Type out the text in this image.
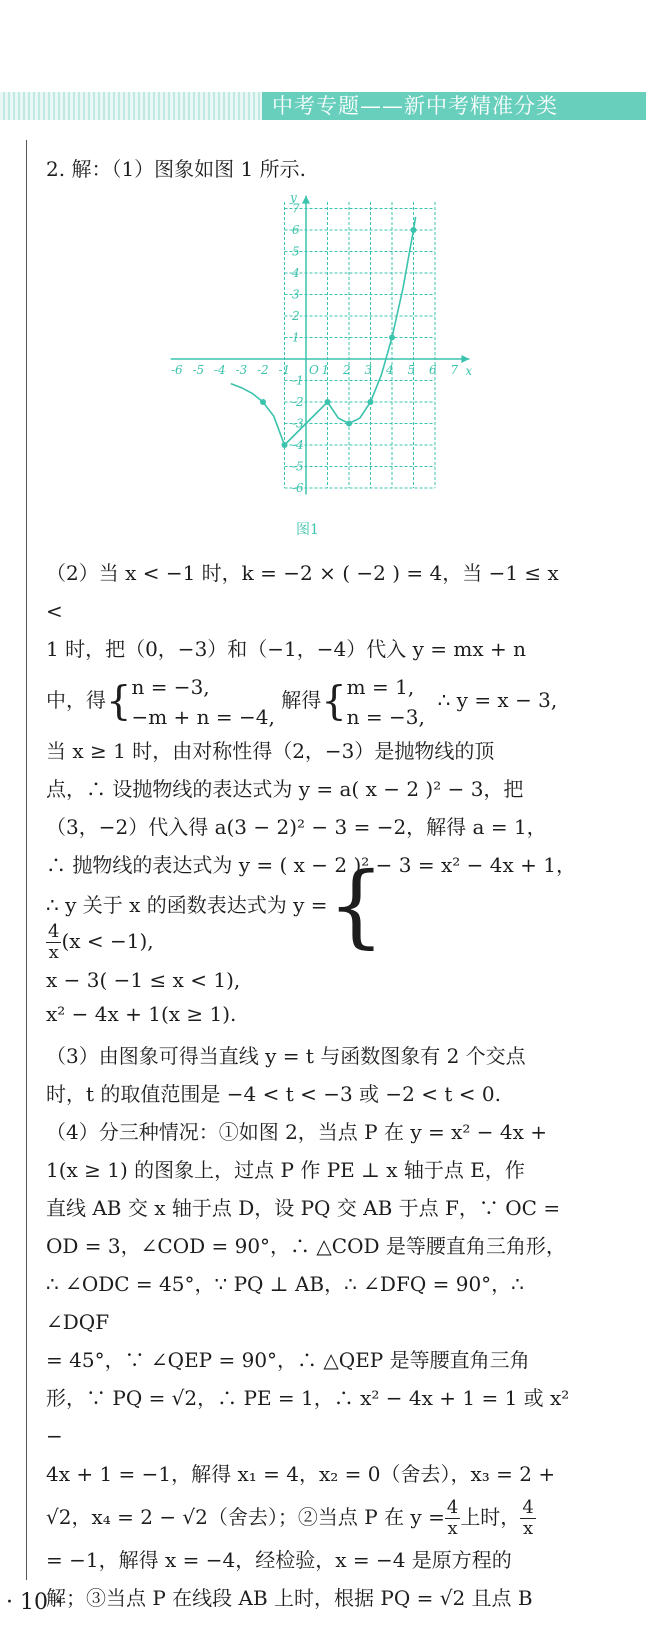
中考专题——新中考精准分类

2. 解：（1）图象如图 1 所示.

-6 -5 -4 -3 -2 -1	1 2 3 4 5 6 7
7
6
5
4
3
2
1
-1
-2
-3
-4
-5
-6
O	x
y
图1

（2）当 x < −1 时，k = −2 × ( −2 ) = 4，当 −1 ≤ x <

1 时，把（0，−3）和（−1，−4）代入 y = mx + n

中，得{ n = −3,
−m + n = −4,
解得{ m = 1,
n = −3,
∴ y = x − 3,

当 x ≥ 1 时，由对称性得（2，−3）是抛物线的顶

点，∴ 设抛物线的表达式为 y = a( x − 2 )² − 3，把

（3，−2）代入得 a(3 − 2)² − 3 = −2，解得 a = 1，

∴ 抛物线的表达式为 y = ( x − 2 )² − 3 = x² − 4x + 1，

∴ y 关于 x 的函数表达式为 y ={
$\frac{4}{x} (x < -1)$,
x − 3( −1 ≤ x < 1),
x² − 4x + 1(x ≥ 1).

（3）由图象可得当直线 y = t 与函数图象有 2 个交点

时，t 的取值范围是 −4 < t < −3 或 −2 < t < 0.

（4）分三种情况：①如图 2，当点 P 在 y = x² − 4x +

1(x ≥ 1) 的图象上，过点 P 作 PE ⊥ x 轴于点 E，作

直线 AB 交 x 轴于点 D，设 PQ 交 AB 于点 F，∵ OC =

OD = 3，∠COD = 90°，∴ △COD 是等腰直角三角形，

∴ ∠ODC = 45°，∵ PQ ⊥ AB，∴ ∠DFQ = 90°，∴ ∠DQF

= 45°，∵ ∠QEP = 90°，∴ △QEP 是等腰直角三角

形，∵ PQ = √2，∴ PE = 1，∴ x² − 4x + 1 = 1 或 x² −

4x + 1 = −1，解得 x₁ = 4，x₂ = 0（舍去），x₃ = 2 +

√2，x₄ = 2 − √2（舍去）；②当点 P 在 $y = \frac{4}{x}$ 上时， $\frac{4}{x}$

= −1，解得 x = −4，经检验，x = −4 是原方程的

解；③当点 P 在线段 AB 上时，根据 PQ = √2 且点 B

· 10 ·
